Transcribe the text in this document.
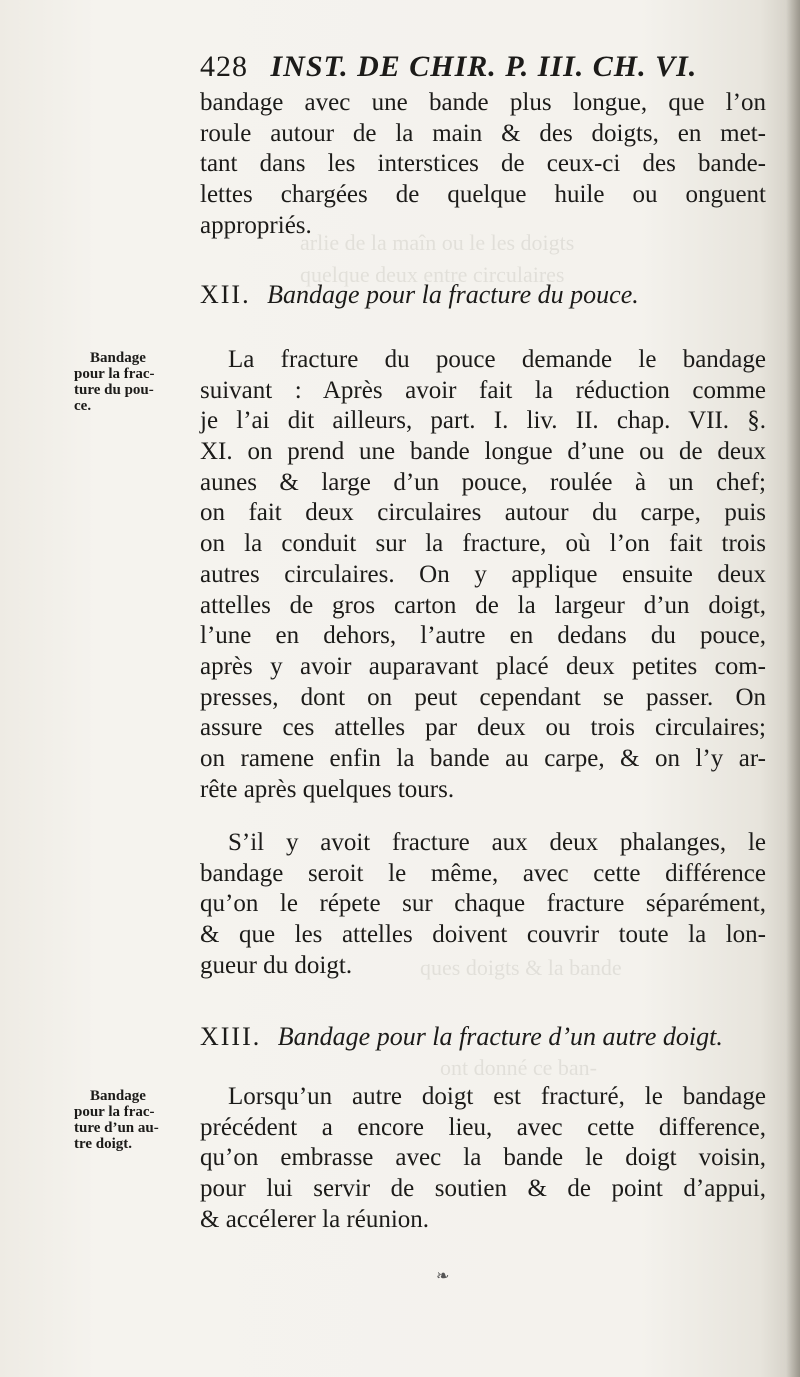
arlie de la maîn ou le les doigts
quelque deux entre circulaires
ques doigts & la bande
ont donné ce ban-
428 INST. DE CHIR. P. III. CH. VI.
bandage avec une bande plus longue, que l’on
roule autour de la main & des doigts, en met-
tant dans les interstices de ceux-ci des bande-
lettes chargées de quelque huile ou onguent
appropriés.
XII. Bandage pour la fracture du pouce.
Bandage
pour la frac-
ture du pou-
ce.
La fracture du pouce demande le bandage
suivant : Après avoir fait la réduction comme
je l’ai dit ailleurs, part. I. liv. II. chap. VII. §.
XI. on prend une bande longue d’une ou de deux
aunes & large d’un pouce, roulée à un chef;
on fait deux circulaires autour du carpe, puis
on la conduit sur la fracture, où l’on fait trois
autres circulaires. On y applique ensuite deux
attelles de gros carton de la largeur d’un doigt,
l’une en dehors, l’autre en dedans du pouce,
après y avoir auparavant placé deux petites com-
presses, dont on peut cependant se passer. On
assure ces attelles par deux ou trois circulaires;
on ramene enfin la bande au carpe, & on l’y ar-
rête après quelques tours.
S’il y avoit fracture aux deux phalanges, le
bandage seroit le même, avec cette différence
qu’on le répete sur chaque fracture séparément,
& que les attelles doivent couvrir toute la lon-
gueur du doigt.
XIII. Bandage pour la fracture d’un autre doigt.
Bandage
pour la frac-
ture d’un au-
tre doigt.
Lorsqu’un autre doigt est fracturé, le bandage
précédent a encore lieu, avec cette difference,
qu’on embrasse avec la bande le doigt voisin,
pour lui servir de soutien & de point d’appui,
& accélerer la réunion.
❧
